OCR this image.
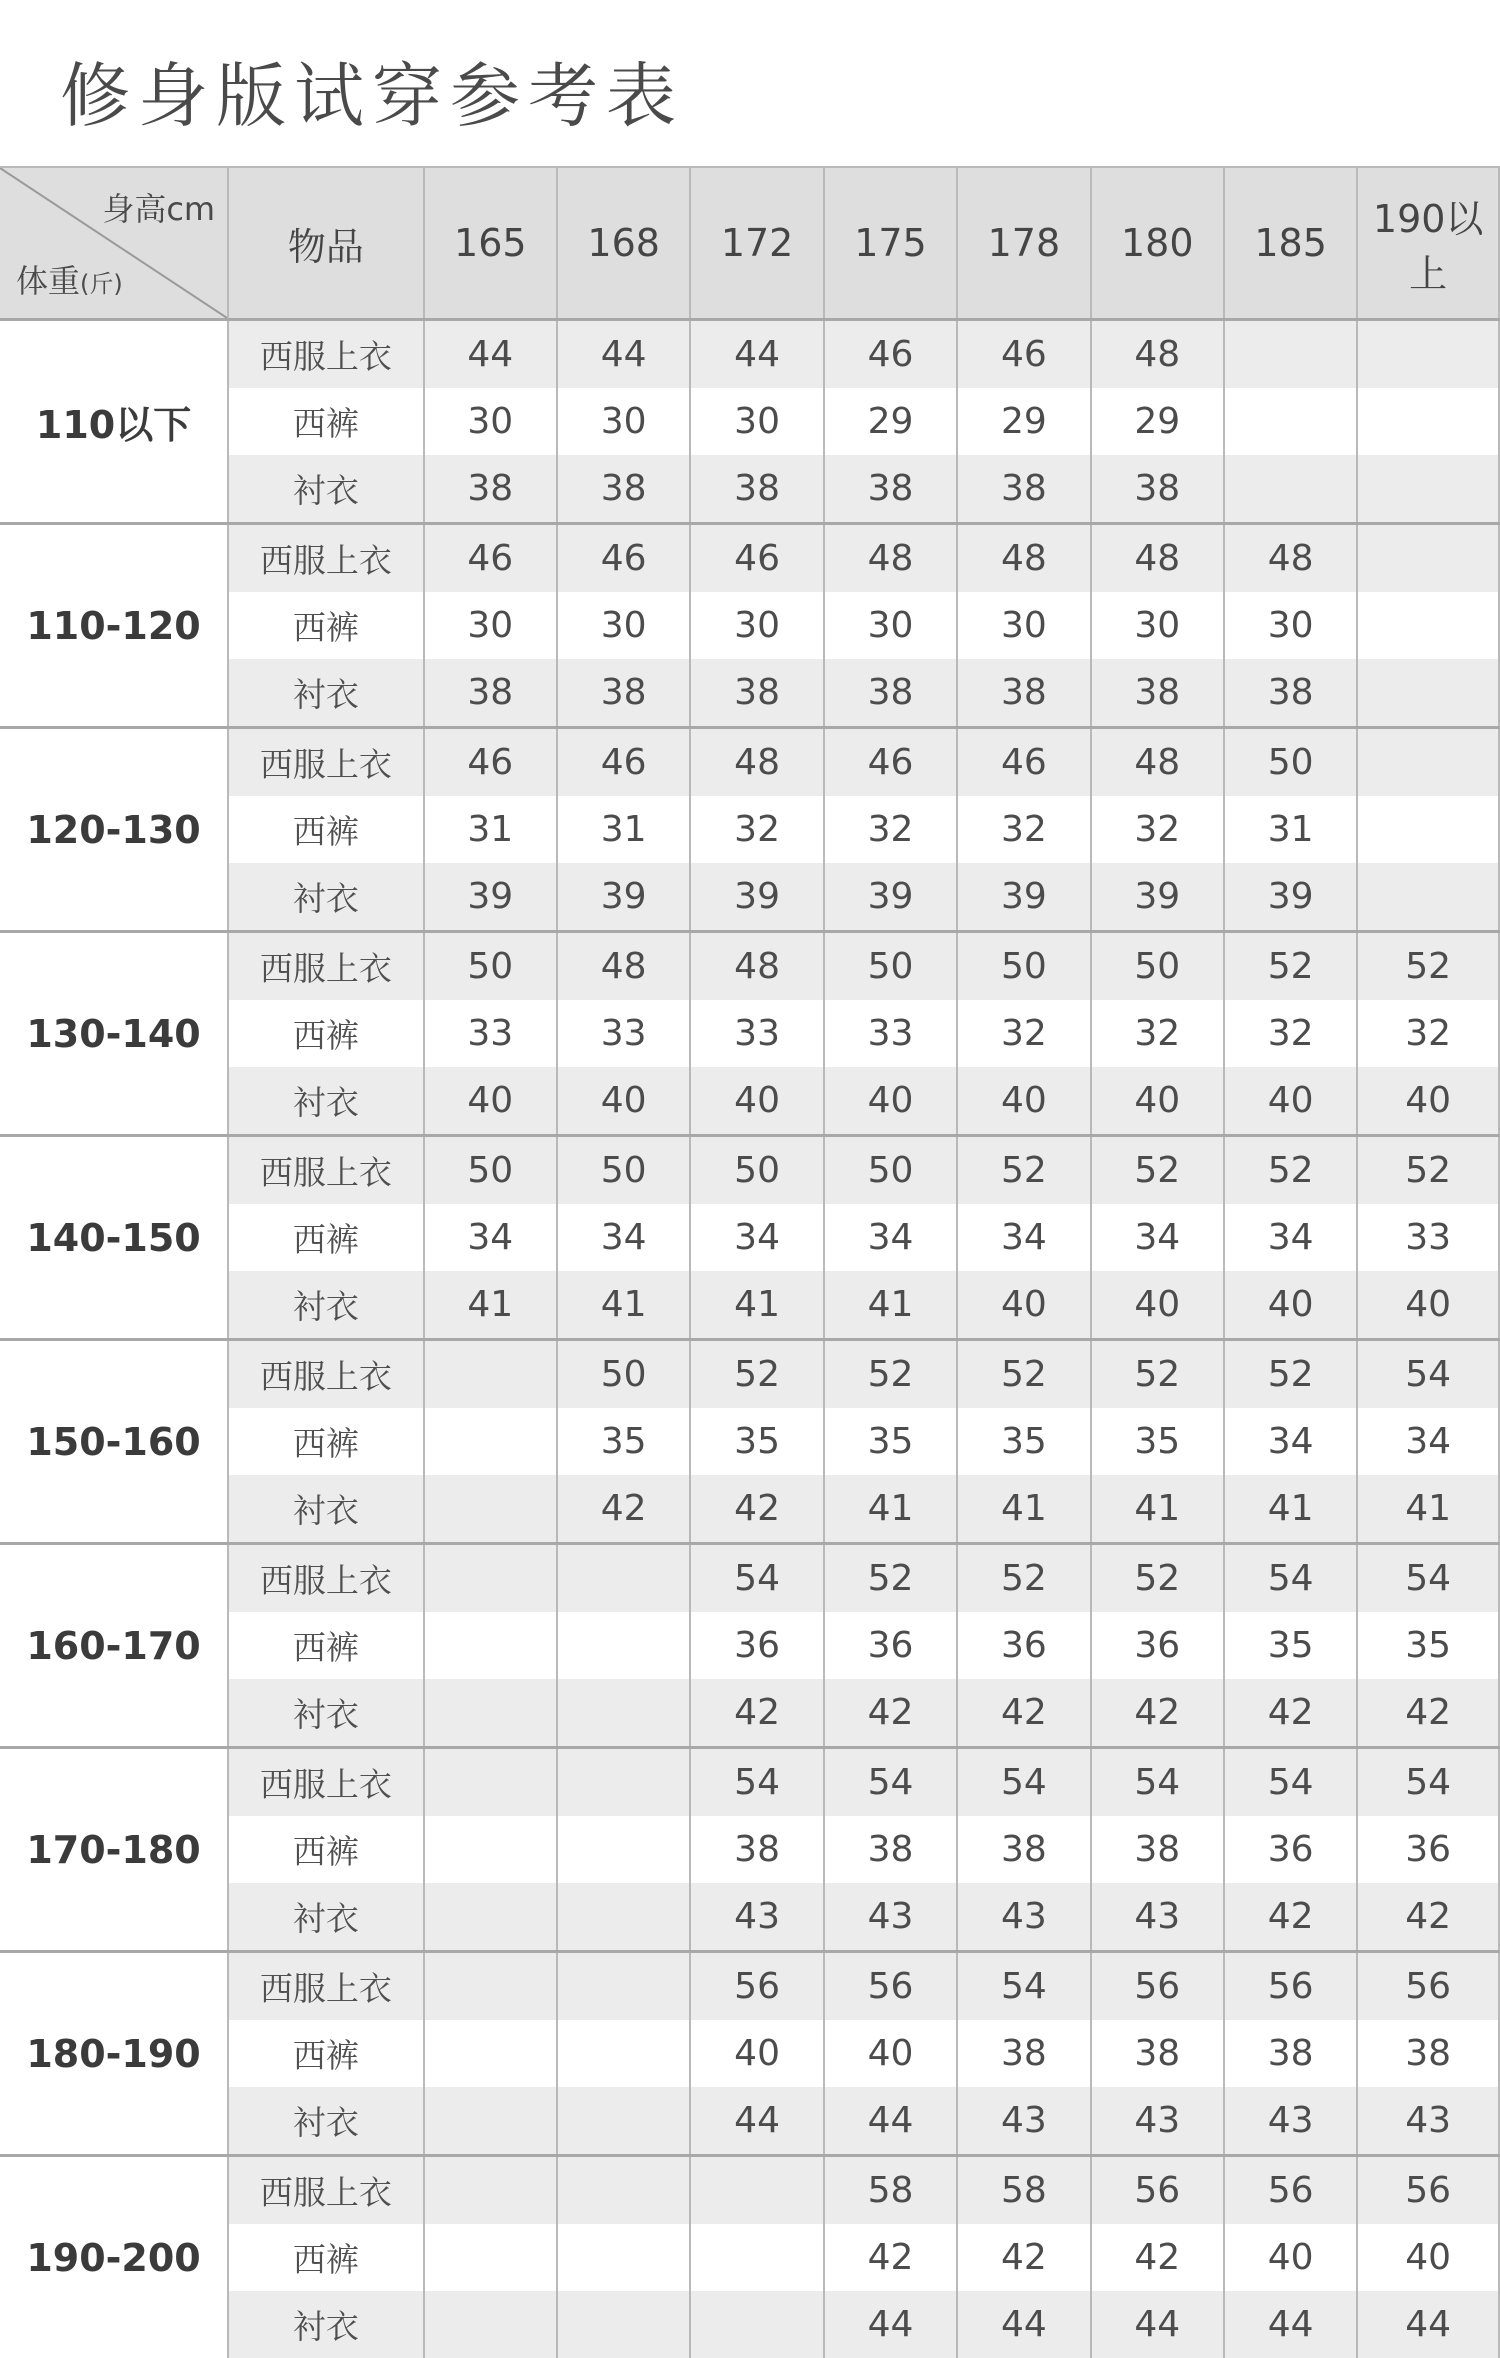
修身版试穿参考表
身高cm
体重(斤)	物品	165	168	172	175	178	180	185	190以上
110以下	西服上衣	44	44	44	46	46	48		
	西裤	30	30	30	29	29	29		
	衬衣	38	38	38	38	38	38		
110-120	西服上衣	46	46	46	48	48	48	48	
	西裤	30	30	30	30	30	30	30	
	衬衣	38	38	38	38	38	38	38	
120-130	西服上衣	46	46	48	46	46	48	50	
	西裤	31	31	32	32	32	32	31	
	衬衣	39	39	39	39	39	39	39	
130-140	西服上衣	50	48	48	50	50	50	52	52
	西裤	33	33	33	33	32	32	32	32
	衬衣	40	40	40	40	40	40	40	40
140-150	西服上衣	50	50	50	50	52	52	52	52
	西裤	34	34	34	34	34	34	34	33
	衬衣	41	41	41	41	40	40	40	40
150-160	西服上衣		50	52	52	52	52	52	54
	西裤		35	35	35	35	35	34	34
	衬衣		42	42	41	41	41	41	41
160-170	西服上衣			54	52	52	52	54	54
	西裤			36	36	36	36	35	35
	衬衣			42	42	42	42	42	42
170-180	西服上衣			54	54	54	54	54	54
	西裤			38	38	38	38	36	36
	衬衣			43	43	43	43	42	42
180-190	西服上衣			56	56	54	56	56	56
	西裤			40	40	38	38	38	38
	衬衣			44	44	43	43	43	43
190-200	西服上衣				58	58	56	56	56
	西裤				42	42	42	40	40
	衬衣				44	44	44	44	44
